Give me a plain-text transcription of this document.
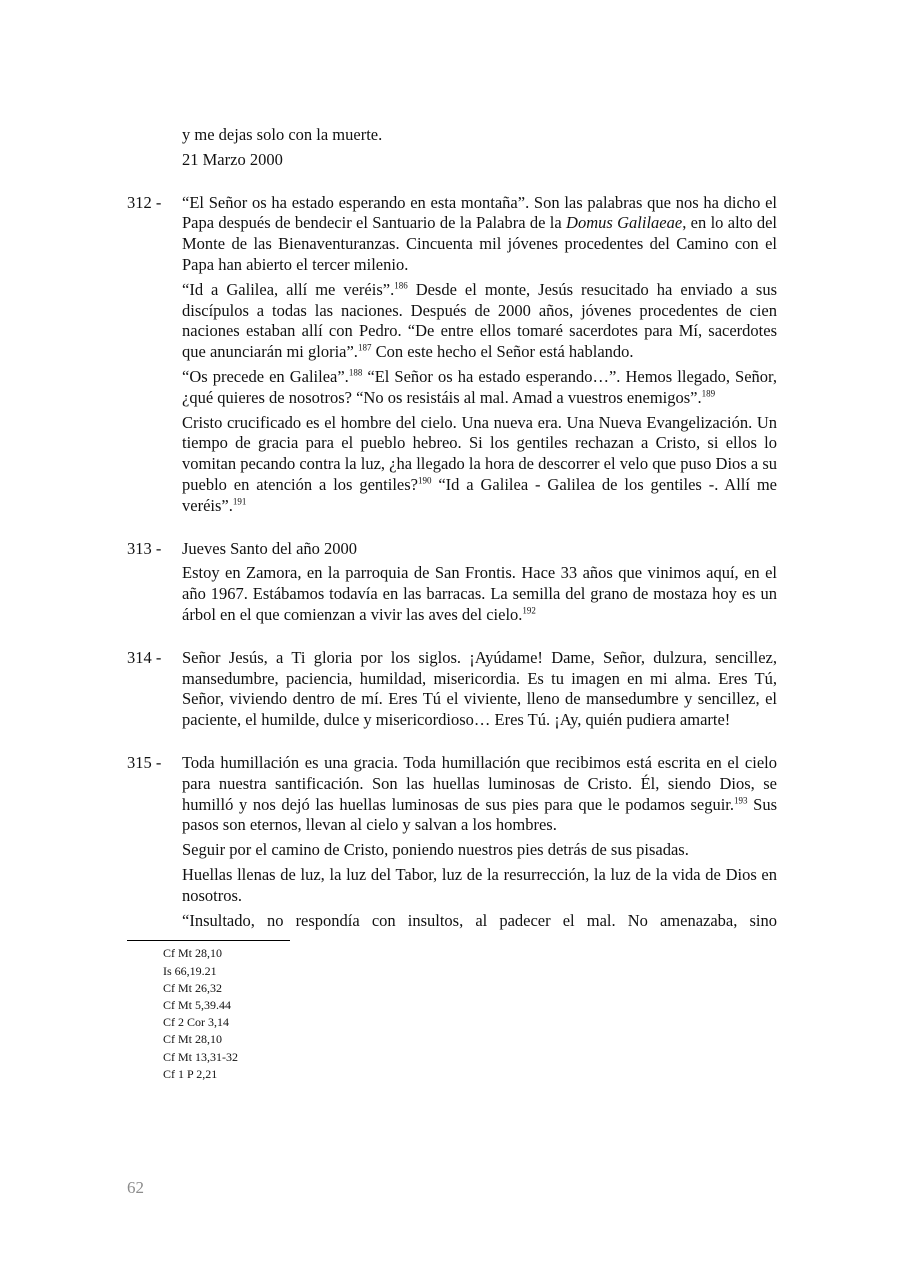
y me dejas solo con la muerte.

21 Marzo 2000

312 -	“El Señor os ha estado esperando en esta montaña”. Son las palabras que nos ha dicho el Papa después de bendecir el Santuario de la Palabra de la Domus Galilaeae, en lo alto del Monte de las Bienaventuranzas. Cincuenta mil jóvenes procedentes del Camino con el Papa han abierto el tercer milenio.

“Id a Galilea, allí me veréis”.$^{186}$ Desde el monte, Jesús resucitado ha enviado a sus discípulos a todas las naciones. Después de 2000 años, jóvenes procedentes de cien naciones estaban allí con Pedro. “De entre ellos tomaré sacerdotes para Mí, sacerdotes que anunciarán mi gloria”.$^{187}$ Con este hecho el Señor está hablando.

“Os precede en Galilea”.$^{188}$ “El Señor os ha estado esperando…”. Hemos llegado, Señor, ¿qué quieres de nosotros? “No os resistáis al mal. Amad a vuestros enemigos”.$^{189}$

Cristo crucificado es el hombre del cielo. Una nueva era. Una Nueva Evangelización. Un tiempo de gracia para el pueblo hebreo. Si los gentiles rechazan a Cristo, si ellos lo vomitan pecando contra la luz, ¿ha llegado la hora de descorrer el velo que puso Dios a su pueblo en atención a los gentiles?$^{190}$ “Id a Galilea - Galilea de los gentiles -. Allí me veréis”.$^{191}$

313 -	Jueves Santo del año 2000

Estoy en Zamora, en la parroquia de San Frontis. Hace 33 años que vinimos aquí, en el año 1967. Estábamos todavía en las barracas. La semilla del grano de mostaza hoy es un árbol en el que comienzan a vivir las aves del cielo.$^{192}$

314 -	Señor Jesús, a Ti gloria por los siglos. ¡Ayúdame! Dame, Señor, dulzura, sencillez, mansedumbre, paciencia, humildad, misericordia. Es tu imagen en mi alma. Eres Tú, Señor, viviendo dentro de mí. Eres Tú el viviente, lleno de mansedumbre y sencillez, el paciente, el humilde, dulce y misericordioso… Eres Tú. ¡Ay, quién pudiera amarte!

315 -	Toda humillación es una gracia. Toda humillación que recibimos está escrita en el cielo para nuestra santificación. Son las huellas luminosas de Cristo. Él, siendo Dios, se humilló y nos dejó las huellas luminosas de sus pies para que le podamos seguir.$^{193}$ Sus pasos son eternos, llevan al cielo y salvan a los hombres.

Seguir por el camino de Cristo, poniendo nuestros pies detrás de sus pisadas.

Huellas llenas de luz, la luz del Tabor, luz de la resurrección, la luz de la vida de Dios en nosotros.

“Insultado, no respondía con insultos, al padecer el mal. No amenazaba, sino

Cf Mt 28,10
Is 66,19.21
Cf Mt 26,32
Cf Mt 5,39.44
Cf 2 Cor 3,14
Cf Mt 28,10
Cf Mt 13,31-32
Cf 1 P 2,21
62
